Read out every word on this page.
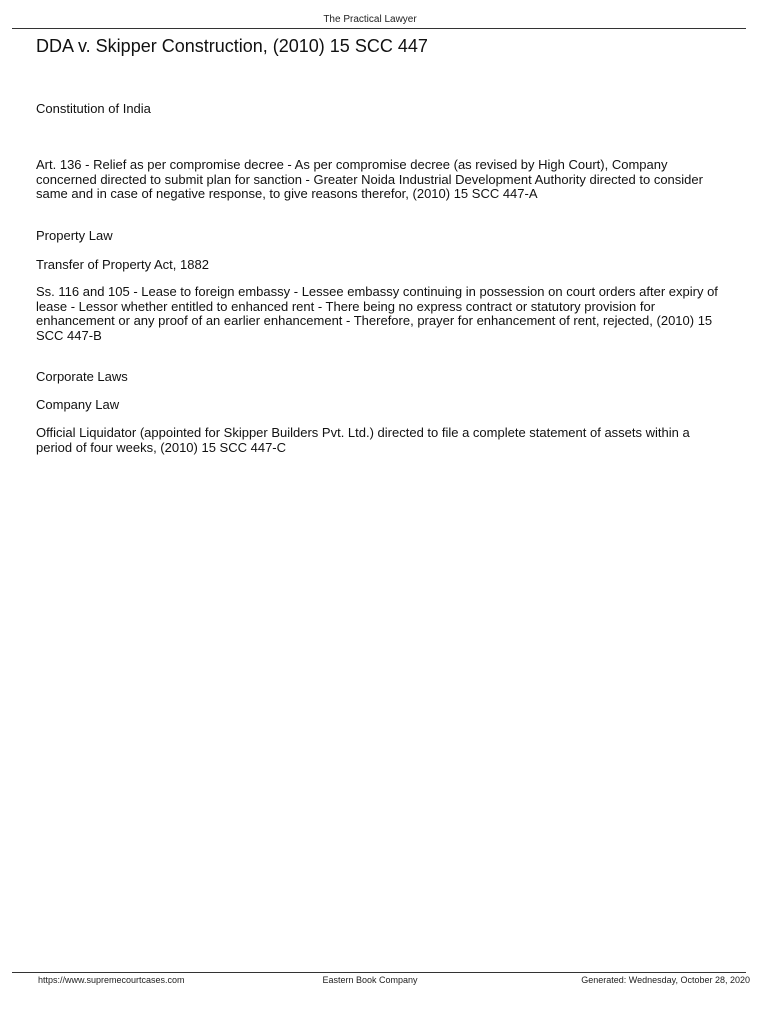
The Practical Lawyer
DDA v. Skipper Construction, (2010) 15 SCC 447
Constitution of India
Art. 136 - Relief as per compromise decree - As per compromise decree (as revised by High Court), Company concerned directed to submit plan for sanction - Greater Noida Industrial Development Authority directed to consider same and in case of negative response, to give reasons therefor, (2010) 15 SCC 447-A
Property Law
Transfer of Property Act, 1882
Ss. 116 and 105 - Lease to foreign embassy - Lessee embassy continuing in possession on court orders after expiry of lease - Lessor whether entitled to enhanced rent - There being no express contract or statutory provision for enhancement or any proof of an earlier enhancement - Therefore, prayer for enhancement of rent, rejected, (2010) 15 SCC 447-B
Corporate Laws
Company Law
Official Liquidator (appointed for Skipper Builders Pvt. Ltd.) directed to file a complete statement of assets within a period of four weeks, (2010) 15 SCC 447-C
https://www.supremecourtcases.com	Eastern Book Company	Generated: Wednesday, October 28, 2020
